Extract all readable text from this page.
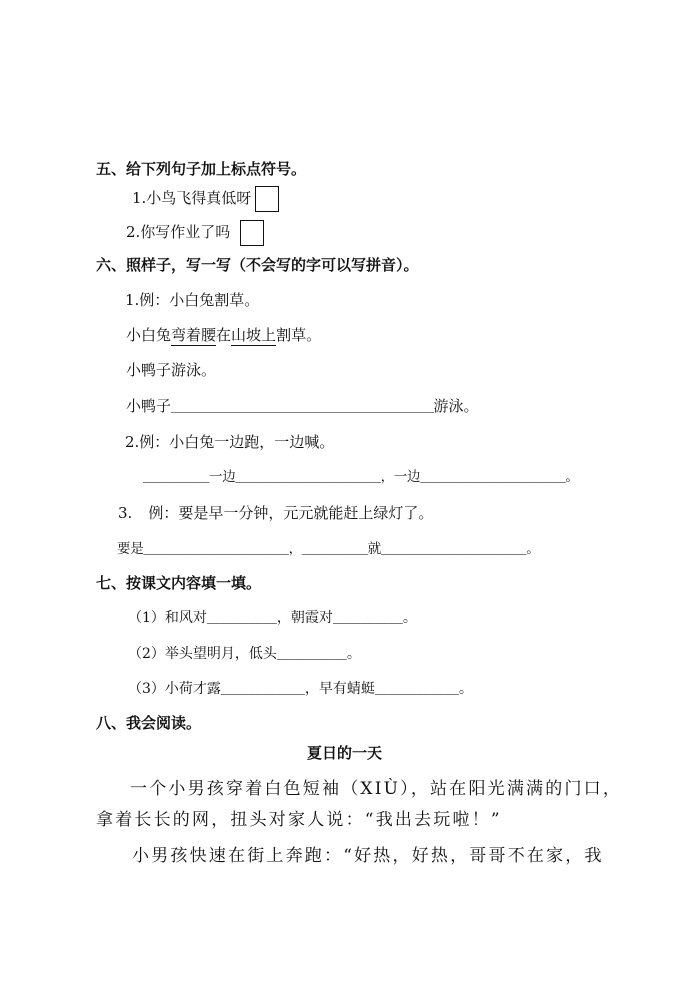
五、给下列句子加上标点符号。
1.小鸟飞得真低呀
2.你写作业了吗
六、照样子，写一写（不会写的字可以写拼音）。
1.例：小白兔割草。
小白兔弯着腰在山坡上割草。
小鸭子游泳。
小鸭子＿＿＿＿＿＿＿＿＿＿＿＿＿＿＿＿＿＿＿＿＿游泳。
2.例：小白兔一边跑，一边喊。
＿＿＿＿＿一边＿＿＿＿＿＿＿＿＿＿＿，一边＿＿＿＿＿＿＿＿＿＿＿。
3. 例：要是早一分钟，元元就能赶上绿灯了。
要是＿＿＿＿＿＿＿＿＿＿＿，＿＿＿＿＿就＿＿＿＿＿＿＿＿＿＿＿。
七、按课文内容填一填。
（1）和风对＿＿＿＿＿，朝霞对＿＿＿＿＿。
（2）举头望明月，低头＿＿＿＿＿。
（3）小荷才露＿＿＿＿＿＿，早有蜻蜓＿＿＿＿＿＿。
八、我会阅读。
夏日的一天
一个小男孩穿着白色短袖（XIÙ），站在阳光满满的门口，
拿着长长的网，扭头对家人说：“我出去玩啦！”
小男孩快速在街上奔跑：“好热，好热，哥哥不在家，我
